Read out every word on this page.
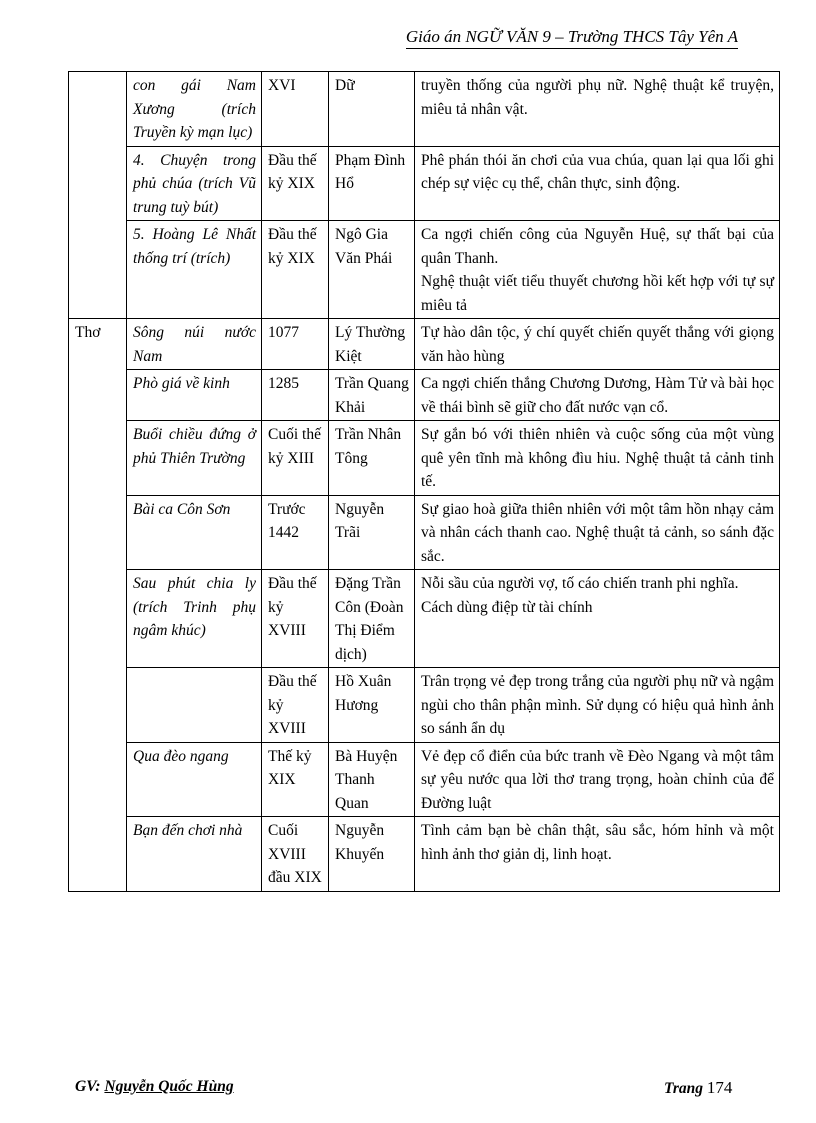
Giáo án NGỮ VĂN 9 – Trường THCS Tây Yên A
	con gái Nam Xương (trích Truyền kỳ mạn lục)	XVI	Dữ	truyền thống của người phụ nữ. Nghệ thuật kể truyện, miêu tả nhân vật.

	4. Chuyện trong phủ chúa (trích Vũ trung tuỳ bút)	Đầu thế kỷ XIX	Phạm Đình Hổ	Phê phán thói ăn chơi của vua chúa, quan lại qua lối ghi chép sự việc cụ thể, chân thực, sinh động.

	5. Hoàng Lê Nhất thống trí (trích)	Đầu thế kỷ XIX	Ngô Gia Văn Phái	Ca ngợi chiến công của Nguyễn Huệ, sự thất bại của quân Thanh.
Nghệ thuật viết tiểu thuyết chương hồi kết hợp với tự sự miêu tả

Thơ	Sông núi nước Nam	1077	Lý Thường Kiệt	Tự hào dân tộc, ý chí quyết chiến quyết thắng với giọng văn hào hùng

	Phò giá về kinh	1285	Trần Quang Khải	Ca ngợi chiến thắng Chương Dương, Hàm Tử và bài học về thái bình sẽ giữ cho đất nước vạn cổ.

	Buổi chiều đứng ở phủ Thiên Trường	Cuối thế kỷ XIII	Trần Nhân Tông	Sự gắn bó với thiên nhiên và cuộc sống của một vùng quê yên tĩnh mà không đìu hiu. Nghệ thuật tả cảnh tinh tế.

	Bài ca Côn Sơn	Trước 1442	Nguyễn Trãi	Sự giao hoà giữa thiên nhiên với một tâm hồn nhạy cảm và nhân cách thanh cao. Nghệ thuật tả cảnh, so sánh đặc sắc.

	Sau phút chia ly (trích Trinh phụ ngâm khúc)	Đầu thế kỷ XVIII	Đặng Trần Côn (Đoàn Thị Điểm dịch)	Nỗi sầu của người vợ, tố cáo chiến tranh phi nghĩa.
Cách dùng điệp từ tài chính

		Đầu thế kỷ XVIII	Hồ Xuân Hương	Trân trọng vẻ đẹp trong trắng của người phụ nữ và ngậm ngùi cho thân phận mình. Sử dụng có hiệu quả hình ảnh so sánh ẩn dụ

	Qua đèo ngang	Thế kỷ XIX	Bà Huyện Thanh Quan	Vẻ đẹp cổ điển của bức tranh về Đèo Ngang và một tâm sự yêu nước qua lời thơ trang trọng, hoàn chỉnh của để Đường luật

	Bạn đến chơi nhà	Cuối XVIII đầu XIX	Nguyễn Khuyến	Tình cảm bạn bè chân thật, sâu sắc, hóm hỉnh và một hình ảnh thơ giản dị, linh hoạt.
GV: Nguyễn Quốc Hùng	Trang 174
